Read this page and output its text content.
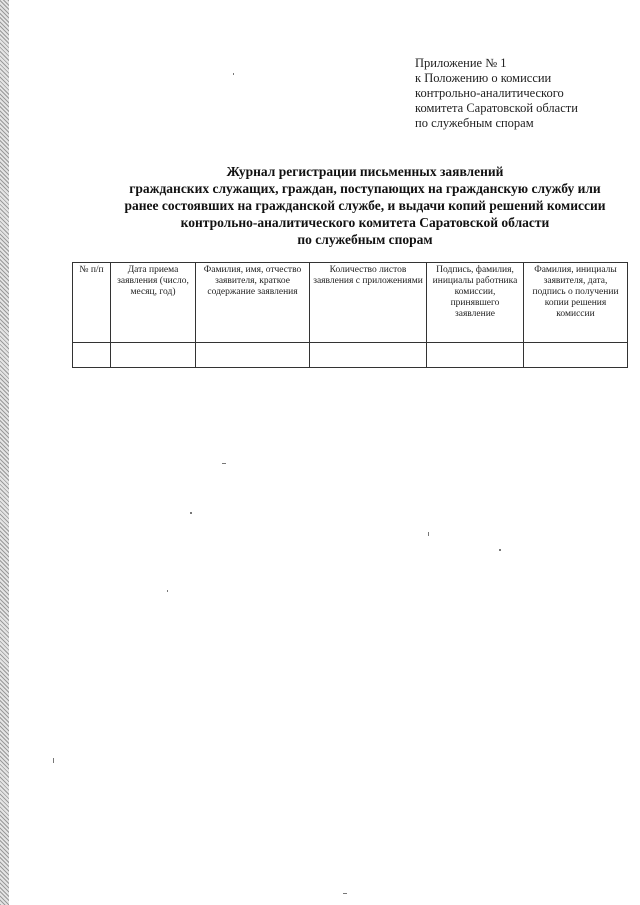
Приложение № 1
к Положению о комиссии
контрольно-аналитического
комитета Саратовской области
по служебным спорам
Журнал регистрации письменных заявлений
гражданских служащих, граждан, поступающих на гражданскую службу или
ранее состоявших на гражданской службе, и выдачи копий решений комиссии
контрольно-аналитического комитета Саратовской области
по служебным спорам
№ п/п	Дата приема заявления (число, месяц, год)	Фамилия, имя, отчество заявителя, краткое содержание заявления	Количество листов заявления с приложениями	Подпись, фамилия, инициалы работника комиссии, принявшего заявление	Фамилия, инициалы заявителя, дата, подпись о получении копии решения комиссии
